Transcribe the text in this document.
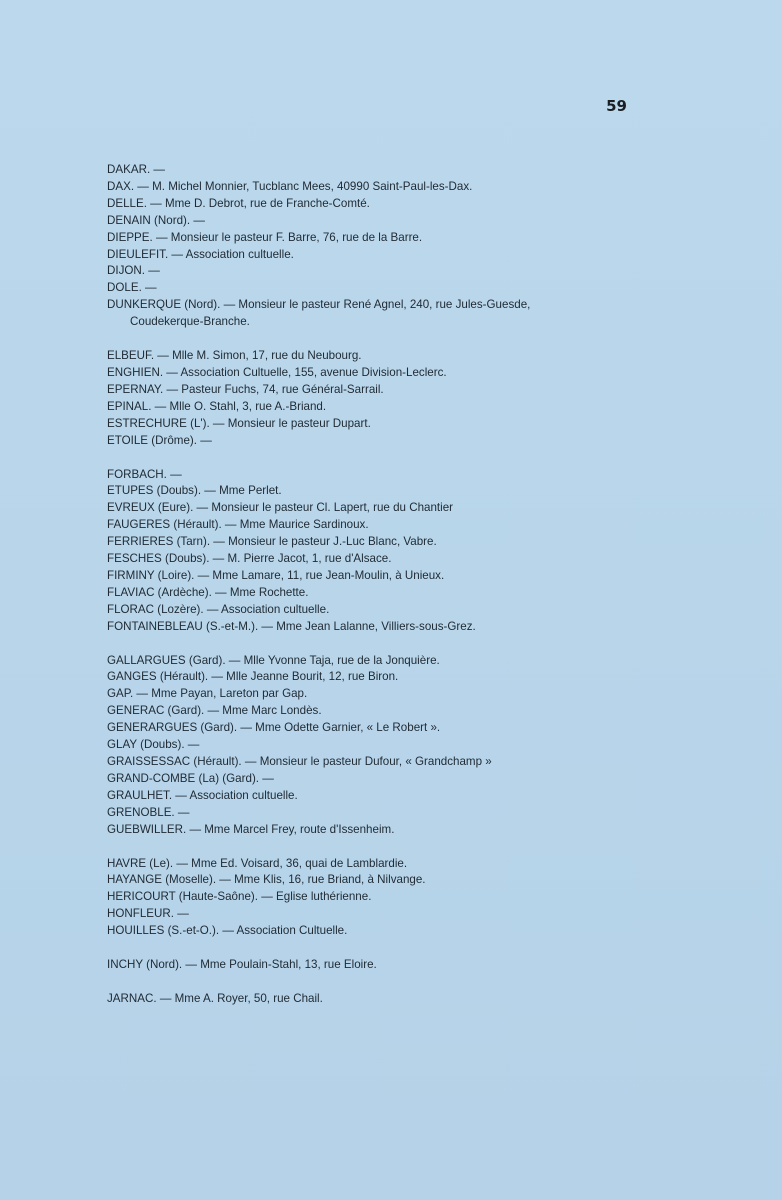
59
DAKAR. —
DAX. — M. Michel Monnier, Tucblanc Mees, 40990 Saint-Paul-les-Dax.
DELLE. — Mme D. Debrot, rue de Franche-Comté.
DENAIN (Nord). —
DIEPPE. — Monsieur le pasteur F. Barre, 76, rue de la Barre.
DIEULEFIT. — Association cultuelle.
DIJON. —
DOLE. —
DUNKERQUE (Nord). — Monsieur le pasteur René Agnel, 240, rue Jules-Guesde,
Coudekerque-Branche.
ELBEUF. — Mlle M. Simon, 17, rue du Neubourg.
ENGHIEN. — Association Cultuelle, 155, avenue Division-Leclerc.
EPERNAY. — Pasteur Fuchs, 74, rue Général-Sarrail.
EPINAL. — Mlle O. Stahl, 3, rue A.-Briand.
ESTRECHURE (L'). — Monsieur le pasteur Dupart.
ETOILE (Drôme). —
FORBACH. —
ETUPES (Doubs). — Mme Perlet.
EVREUX (Eure). — Monsieur le pasteur Cl. Lapert, rue du Chantier
FAUGERES (Hérault). — Mme Maurice Sardinoux.
FERRIERES (Tarn). — Monsieur le pasteur J.-Luc Blanc, Vabre.
FESCHES (Doubs). — M. Pierre Jacot, 1, rue d'Alsace.
FIRMINY (Loire). — Mme Lamare, 11, rue Jean-Moulin, à Unieux.
FLAVIAC (Ardèche). — Mme Rochette.
FLORAC (Lozère). — Association cultuelle.
FONTAINEBLEAU (S.-et-M.). — Mme Jean Lalanne, Villiers-sous-Grez.
GALLARGUES (Gard). — Mlle Yvonne Taja, rue de la Jonquière.
GANGES (Hérault). — Mlle Jeanne Bourit, 12, rue Biron.
GAP. — Mme Payan, Lareton par Gap.
GENERAC (Gard). — Mme Marc Londès.
GENERARGUES (Gard). — Mme Odette Garnier, « Le Robert ».
GLAY (Doubs). —
GRAISSESSAC (Hérault). — Monsieur le pasteur Dufour, « Grandchamp »
GRAND-COMBE (La) (Gard). —
GRAULHET. — Association cultuelle.
GRENOBLE. —
GUEBWILLER. — Mme Marcel Frey, route d'Issenheim.
HAVRE (Le). — Mme Ed. Voisard, 36, quai de Lamblardie.
HAYANGE (Moselle). — Mme Klis, 16, rue Briand, à Nilvange.
HERICOURT (Haute-Saône). — Eglise luthérienne.
HONFLEUR. —
HOUILLES (S.-et-O.). — Association Cultuelle.
INCHY (Nord). — Mme Poulain-Stahl, 13, rue Eloire.
JARNAC. — Mme A. Royer, 50, rue Chail.
